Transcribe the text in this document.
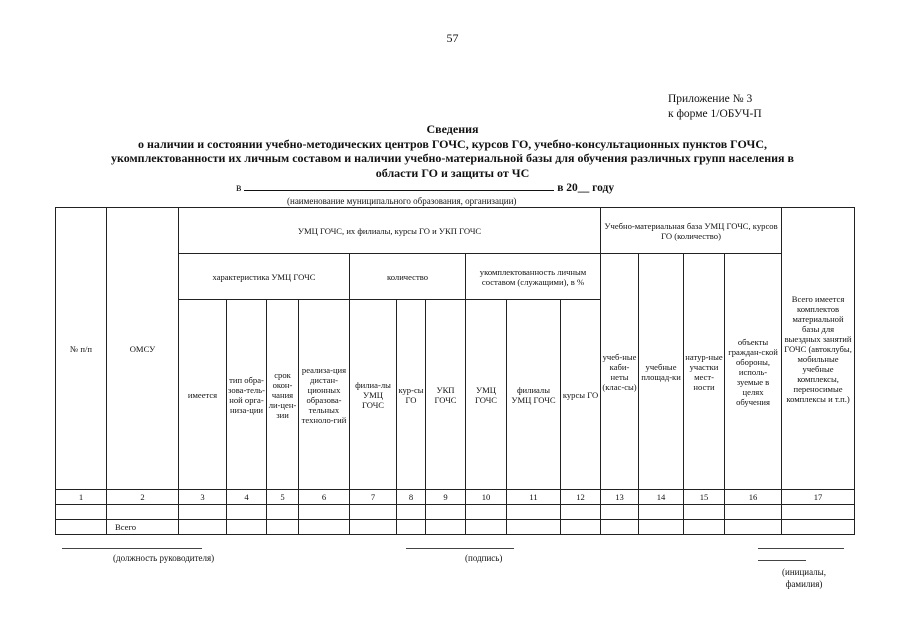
57
Приложение № 3
к форме 1/ОБУЧ-П
Сведения
о наличии и состоянии учебно-методических центров ГОЧС, курсов ГО, учебно-консультационных пунктов ГОЧС,
укомплектованности их личным составом и наличии учебно-материальной базы для обучения различных групп населения в
области ГО и защиты от ЧС
в	в 20__ году
(наименование муниципального образования, организации)
№ п/п	ОМСУ	УМЦ ГОЧС, их филиалы, курсы ГО и УКП ГОЧС										Учебно-материальная база УМЦ ГОЧС, курсов ГО (количество)				Всего имеется комплектов материальной базы для выездных занятий ГОЧС (автоклубы, мобильные учебные комплексы, переносимые комплексы и т.п.)
		характеристика УМЦ ГОЧС				количество			укомплектованность личным составом (служащими), в %			учеб-ные каби-неты (клас-сы)	учебные площад-ки	натур-ные участки мест-ности	объекты граждан-ской обороны, исполь-зуемые в целях обучения	
		имеется	тип обра-зова-тель-ной орга-низа-ции	срок окон-чания ли-цен-зии	реализа-ция дистан-ционных образова-тельных техноло-гий	филиа-лы УМЦ ГОЧС	кур-сы ГО	УКП ГОЧС	УМЦ ГОЧС	филиалы УМЦ ГОЧС	курсы ГО					
1	2	3	4	5	6	7	8	9	10	11	12	13	14	15	16	17

	Всего															
(должность руководителя)	(подпись)
(инициалы, фамилия)
